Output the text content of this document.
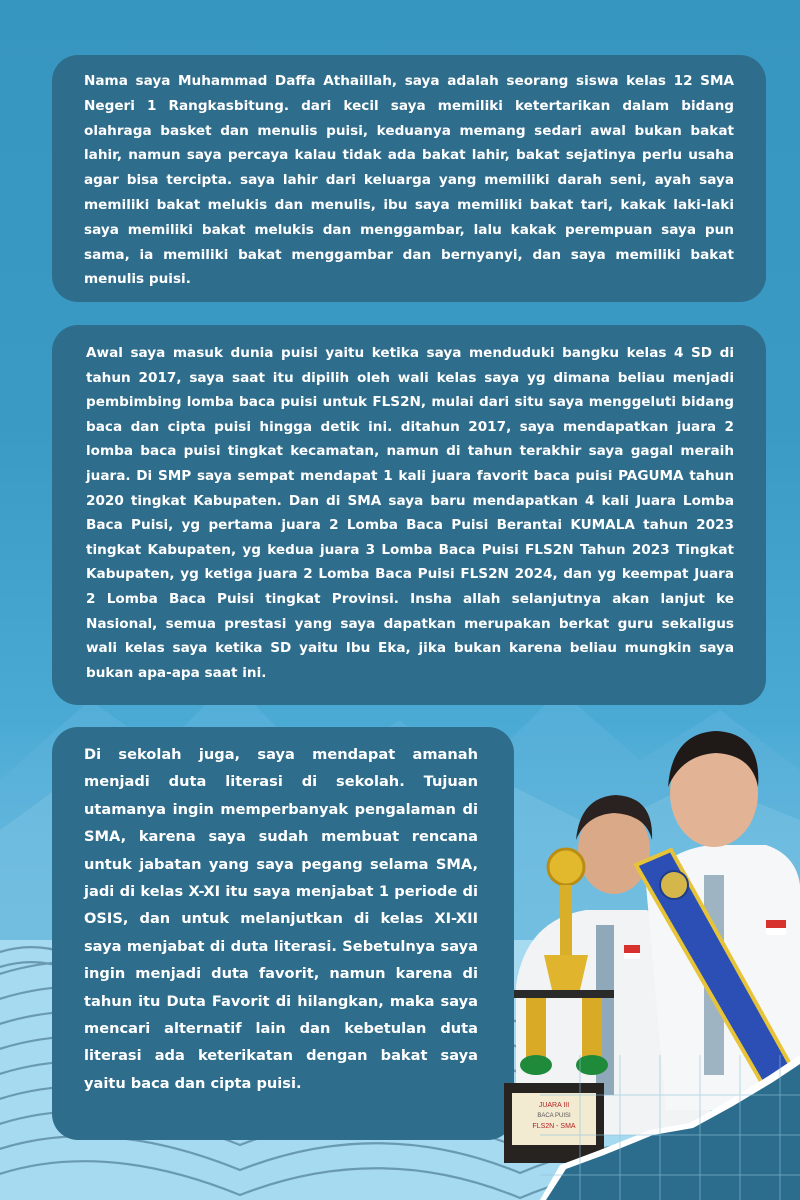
Nama saya Muhammad Daffa Athaillah, saya adalah seorang siswa kelas 12 SMA Negeri 1 Rangkasbitung. dari kecil saya memiliki ketertarikan dalam bidang olahraga basket dan menulis puisi, keduanya memang sedari awal bukan bakat lahir, namun saya percaya kalau tidak ada bakat lahir, bakat sejatinya perlu usaha agar bisa tercipta. saya lahir dari keluarga yang memiliki darah seni, ayah saya memiliki bakat melukis dan menulis, ibu saya memiliki bakat tari, kakak laki-laki saya memiliki bakat melukis dan menggambar, lalu kakak perempuan saya pun sama, ia memiliki bakat menggambar dan bernyanyi, dan saya memiliki bakat menulis puisi.

Awal saya masuk dunia puisi yaitu ketika saya menduduki bangku kelas 4 SD di tahun 2017, saya saat itu dipilih oleh wali kelas saya yg dimana beliau menjadi pembimbing lomba baca puisi untuk FLS2N, mulai dari situ saya menggeluti bidang baca dan cipta puisi hingga detik ini. ditahun 2017, saya mendapatkan juara 2 lomba baca puisi tingkat kecamatan, namun di tahun terakhir saya gagal meraih juara. Di SMP saya sempat mendapat 1 kali juara favorit baca puisi PAGUMA tahun 2020 tingkat Kabupaten. Dan di SMA saya baru mendapatkan 4 kali Juara Lomba Baca Puisi, yg pertama juara 2 Lomba Baca Puisi Berantai KUMALA tahun 2023 tingkat Kabupaten, yg kedua juara 3 Lomba Baca Puisi FLS2N Tahun 2023 Tingkat Kabupaten, yg ketiga juara 2 Lomba Baca Puisi FLS2N 2024, dan yg keempat Juara 2 Lomba Baca Puisi tingkat Provinsi. Insha allah selanjutnya akan lanjut ke Nasional, semua prestasi yang saya dapatkan merupakan berkat guru sekaligus wali kelas saya ketika SD yaitu Ibu Eka, jika bukan karena beliau mungkin saya bukan apa-apa saat ini.

Di sekolah juga, saya mendapat amanah menjadi duta literasi di sekolah. Tujuan utamanya ingin memperbanyak pengalaman di SMA, karena saya sudah membuat rencana untuk jabatan yang saya pegang selama SMA, jadi di kelas X-XI itu saya menjabat 1 periode di OSIS, dan untuk melanjutkan di kelas XI-XII saya menjabat di duta literasi. Sebetulnya saya ingin menjadi duta favorit, namun karena di tahun itu Duta Favorit di hilangkan, maka saya mencari alternatif lain dan kebetulan duta literasi ada keterikatan dengan bakat saya yaitu baca dan cipta puisi.

JUARA III
BACA PUISI
FLS2N - SMA
